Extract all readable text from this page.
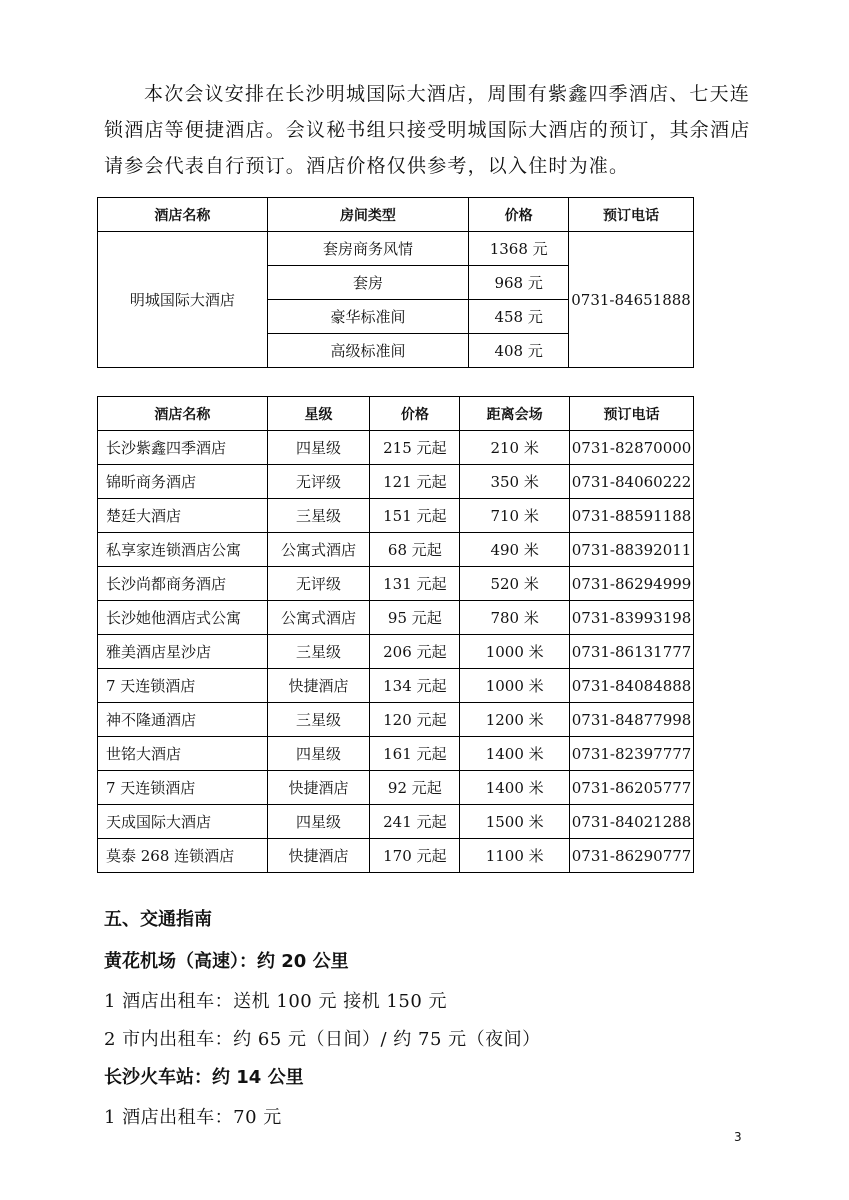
本次会议安排在长沙明城国际大酒店，周围有紫鑫四季酒店、七天连

锁酒店等便捷酒店。会议秘书组只接受明城国际大酒店的预订，其余酒店

请参会代表自行预订。酒店价格仅供参考，以入住时为准。

酒店名称	房间类型	价格	预订电话
明城国际大酒店	套房商务风情	1368 元	0731-84651888
	套房	968 元	
	豪华标准间	458 元	
	高级标准间	408 元	
酒店名称	星级	价格	距离会场	预订电话
长沙紫鑫四季酒店	四星级	215 元起	210 米	0731-82870000
锦昕商务酒店	无评级	121 元起	350 米	0731-84060222
楚廷大酒店	三星级	151 元起	710 米	0731-88591188
私享家连锁酒店公寓	公寓式酒店	68 元起	490 米	0731-88392011
长沙尚都商务酒店	无评级	131 元起	520 米	0731-86294999
长沙她他酒店式公寓	公寓式酒店	95 元起	780 米	0731-83993198
雅美酒店星沙店	三星级	206 元起	1000 米	0731-86131777
7 天连锁酒店	快捷酒店	134 元起	1000 米	0731-84084888
神不隆通酒店	三星级	120 元起	1200 米	0731-84877998
世铭大酒店	四星级	161 元起	1400 米	0731-82397777
7 天连锁酒店	快捷酒店	92 元起	1400 米	0731-86205777
天成国际大酒店	四星级	241 元起	1500 米	0731-84021288
莫泰 268 连锁酒店	快捷酒店	170 元起	1100 米	0731-86290777
五、交通指南
黄花机场（高速）：约 20 公里
1 酒店出租车：送机 100 元 接机 150 元
2 市内出租车：约 65 元（日间）/ 约 75 元（夜间）
长沙火车站：约 14 公里
1 酒店出租车：70 元
3
